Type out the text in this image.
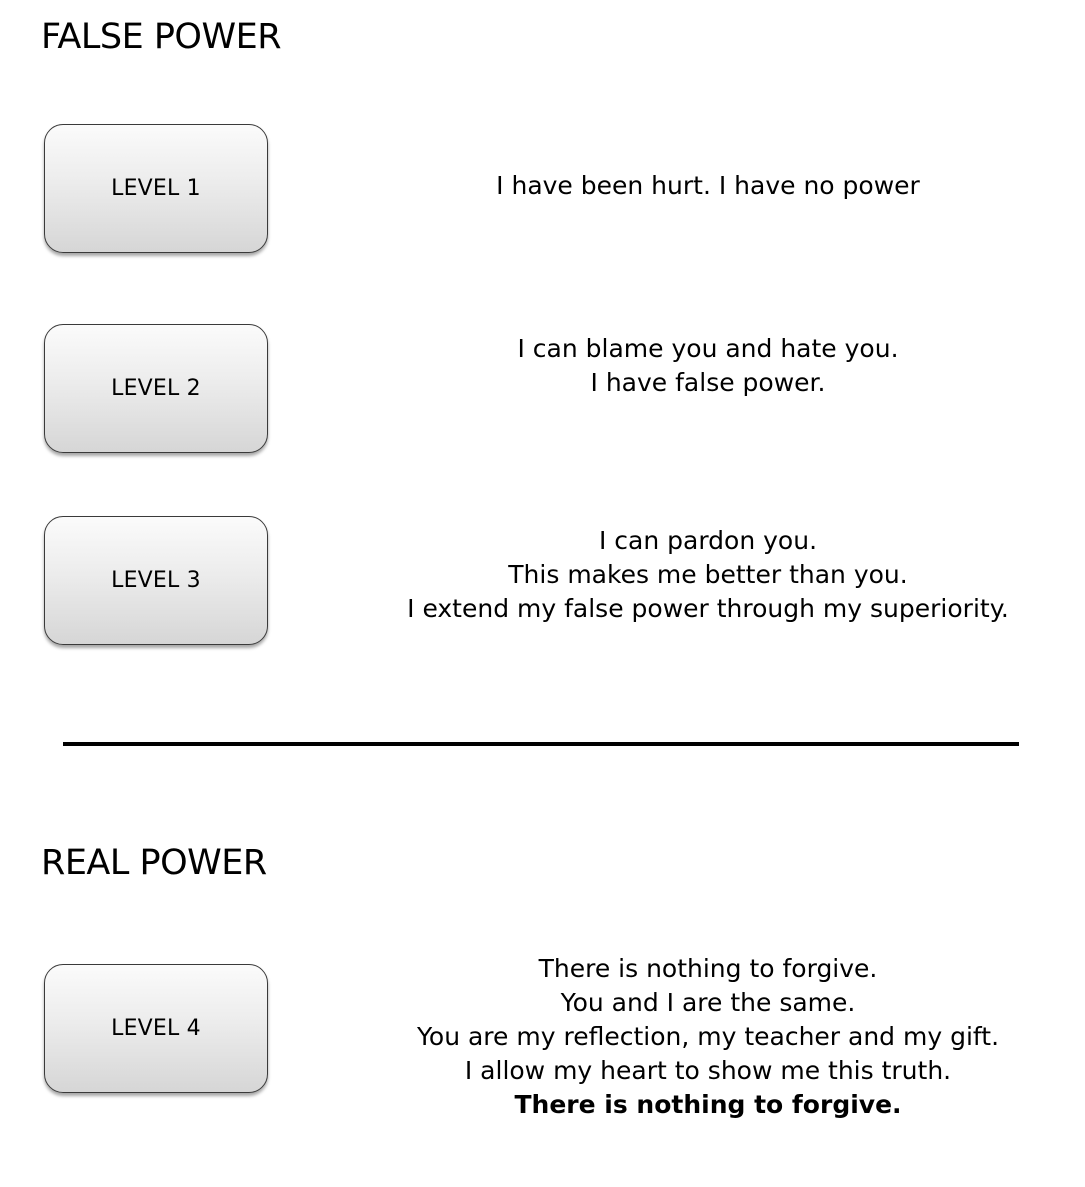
FALSE POWER
LEVEL 1	I have been hurt. I have no power
LEVEL 2
I can blame you and hate you.
I have false power.
LEVEL 3
I can pardon you.
This makes me better than you.
I extend my false power through my superiority.
REAL POWER
LEVEL 4
There is nothing to forgive.
You and I are the same.
You are my reflection, my teacher and my gift.
I allow my heart to show me this truth.
There is nothing to forgive.
